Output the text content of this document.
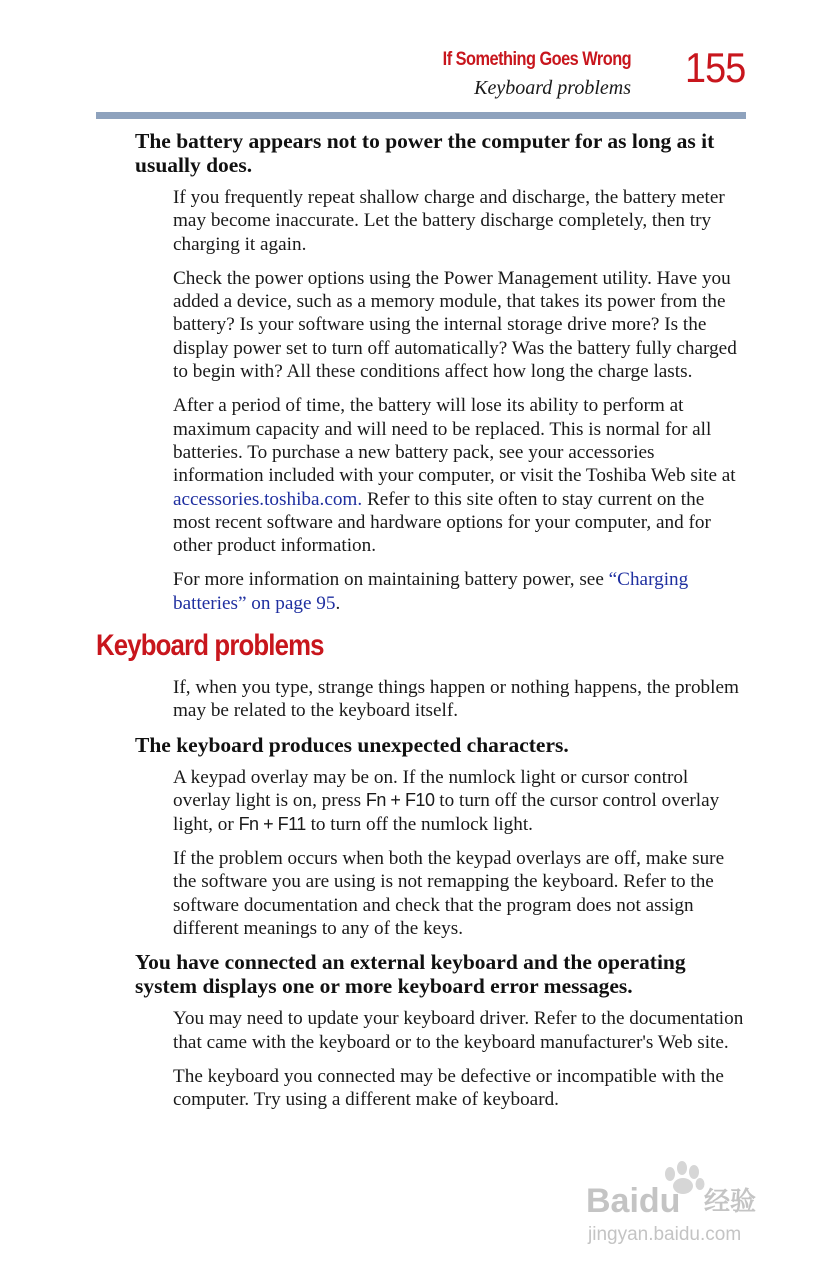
If Something Goes Wrong
Keyboard problems 155
The battery appears not to power the computer for as long as it usually does.

If you frequently repeat shallow charge and discharge, the battery meter may become inaccurate. Let the battery discharge completely, then try charging it again.

Check the power options using the Power Management utility. Have you added a device, such as a memory module, that takes its power from the battery? Is your software using the internal storage drive more? Is the display power set to turn off automatically? Was the battery fully charged to begin with? All these conditions affect how long the charge lasts.

After a period of time, the battery will lose its ability to perform at maximum capacity and will need to be replaced. This is normal for all batteries. To purchase a new battery pack, see your accessories information included with your computer, or visit the Toshiba Web site at accessories.toshiba.com. Refer to this site often to stay current on the most recent software and hardware options for your computer, and for other product information.

For more information on maintaining battery power, see “Charging batteries” on page 95.

Keyboard problems

If, when you type, strange things happen or nothing happens, the problem may be related to the keyboard itself.

The keyboard produces unexpected characters.

A keypad overlay may be on. If the numlock light or cursor control overlay light is on, press Fn + F10 to turn off the cursor control overlay light, or Fn + F11 to turn off the numlock light.

If the problem occurs when both the keypad overlays are off, make sure the software you are using is not remapping the keyboard. Refer to the software documentation and check that the program does not assign different meanings to any of the keys.

You have connected an external keyboard and the operating system displays one or more keyboard error messages.

You may need to update your keyboard driver. Refer to the documentation that came with the keyboard or to the keyboard manufacturer's Web site.

The keyboard you connected may be defective or incompatible with the computer. Try using a different make of keyboard.

Baidu 经验
jingyan.baidu.com
